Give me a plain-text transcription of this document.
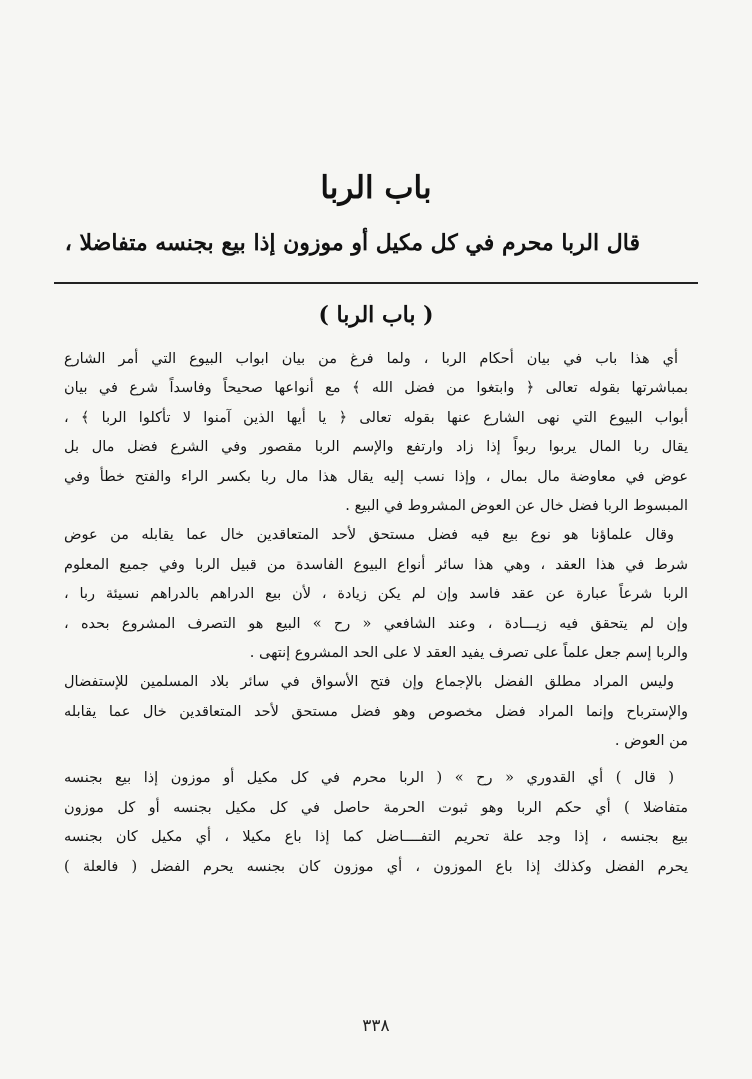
باب الربا
قال الربا محرم في كل مكيل أو موزون إذا بيع بجنسه متفاضلا ،
( باب الربا )
أي هذا باب في بيان أحكام الربا ، ولما فرغ من بيان ابواب البيوع التي أمر الشارع
بمباشرتها بقوله تعالى ﴿ وابتغوا من فضل الله ﴾ مع أنواعها صحيحاً وفاسداً شرع في بيان
أبواب البيوع التي نهى الشارع عنها بقوله تعالى ﴿ يا أيها الذين آمنوا لا تأكلوا الربا ﴾ ،
يقال ربا المال يربوا ربواً إذا زاد وارتفع والإسم الربا مقصور وفي الشرع فضل مال بل
عوض في معاوضة مال بمال ، وإذا نسب إليه يقال هذا مال ربا بكسر الراء والفتح خطأ وفي
المبسوط الربا فضل خال عن العوض المشروط في البيع .
وقال علماؤنا هو نوع بيع فيه فضل مستحق لأحد المتعاقدين خال عما يقابله من عوض
شرط في هذا العقد ، وهي هذا سائر أنواع البيوع الفاسدة من قبيل الربا وفي جميع المعلوم
الربا شرعاً عبارة عن عقد فاسد وإن لم يكن زيادة ، لأن بيع الدراهم بالدراهم نسيئة ربا ،
وإن لم يتحقق فيه زيـــادة ، وعند الشافعي « رح » البيع هو التصرف المشروع بحده ،
والربا إسم جعل علماً على تصرف يفيد العقد لا على الحد المشروع إنتهى .
وليس المراد مطلق الفضل بالإجماع وإن فتح الأسواق في سائر بلاد المسلمين للإستفضال
والإسترباح وإنما المراد فضل مخصوص وهو فضل مستحق لأحد المتعاقدين خال عما يقابله
من العوض .
( قال ) أي القدوري « رح » ( الربا محرم في كل مكيل أو موزون إذا بيع بجنسه
متفاضلا ) أي حكم الربا وهو ثبوت الحرمة حاصل في كل مكيل بجنسه أو كل موزون
بيع بجنسه ، إذا وجد علة تحريم التفــــاضل كما إذا باع مكيلا ، أي مكيل كان بجنسه
يحرم الفضل وكذلك إذا باع الموزون ، أي موزون كان بجنسه يحرم الفضل ( فالعلة )
٣٣٨
